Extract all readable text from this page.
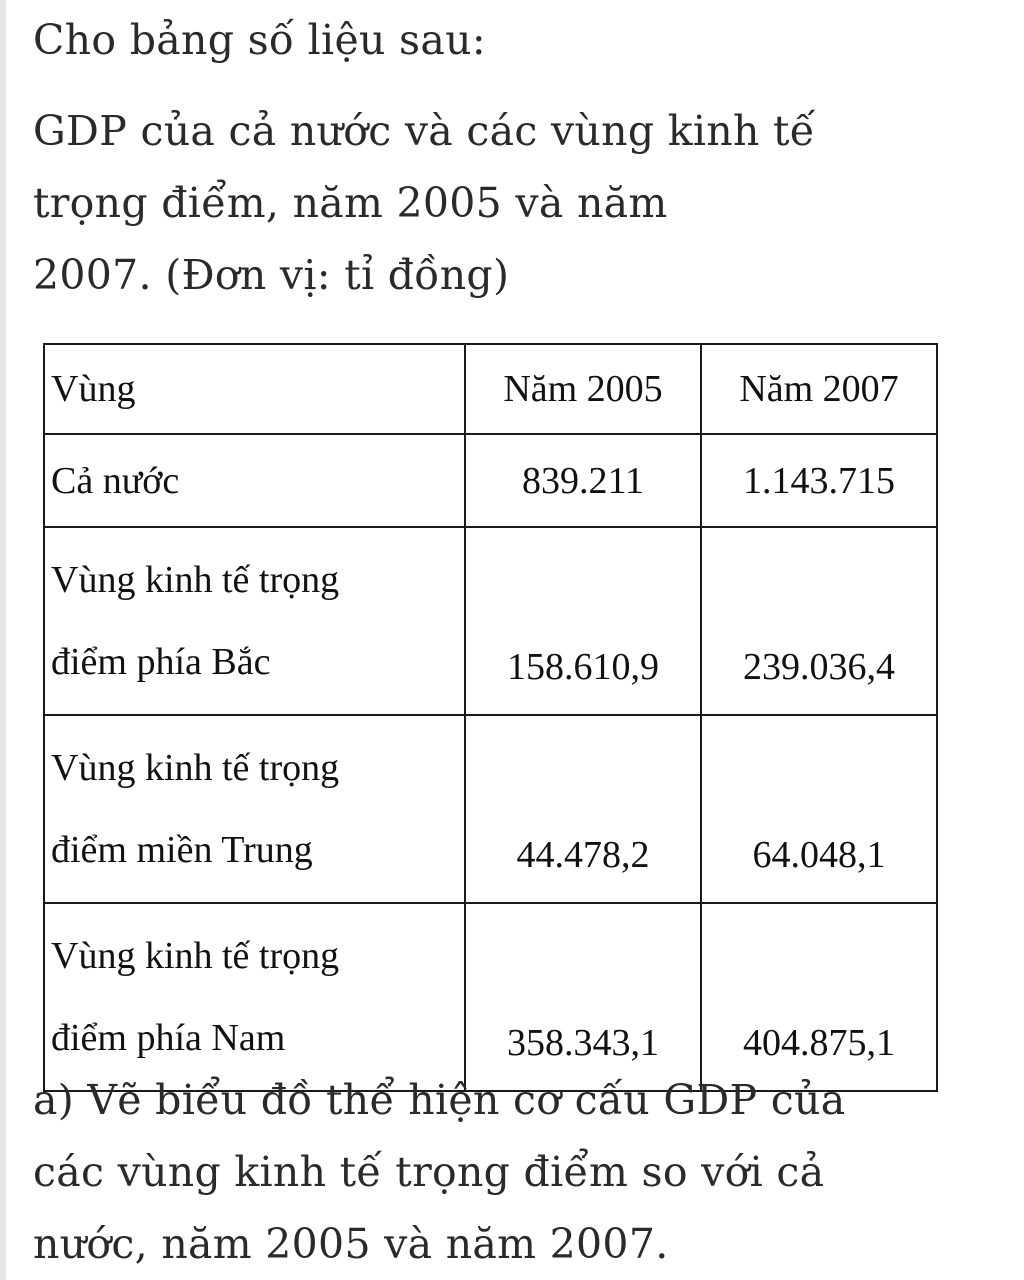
Cho bảng số liệu sau:

GDP của cả nước và các vùng kinh tế
trọng điểm, năm 2005 và năm
2007. (Đơn vị: tỉ đồng)

Vùng	Năm 2005	Năm 2007

Cả nước	839.211	1.143.715

Vùng kinh tế trọng
điểm phía Bắc	158.610,9	239.036,4

Vùng kinh tế trọng
điểm miền Trung	44.478,2	64.048,1

Vùng kinh tế trọng
điểm phía Nam	358.343,1	404.875,1

a) Vẽ biểu đồ thể hiện cơ cấu GDP của
các vùng kinh tế trọng điểm so với cả
nước, năm 2005 và năm 2007.
